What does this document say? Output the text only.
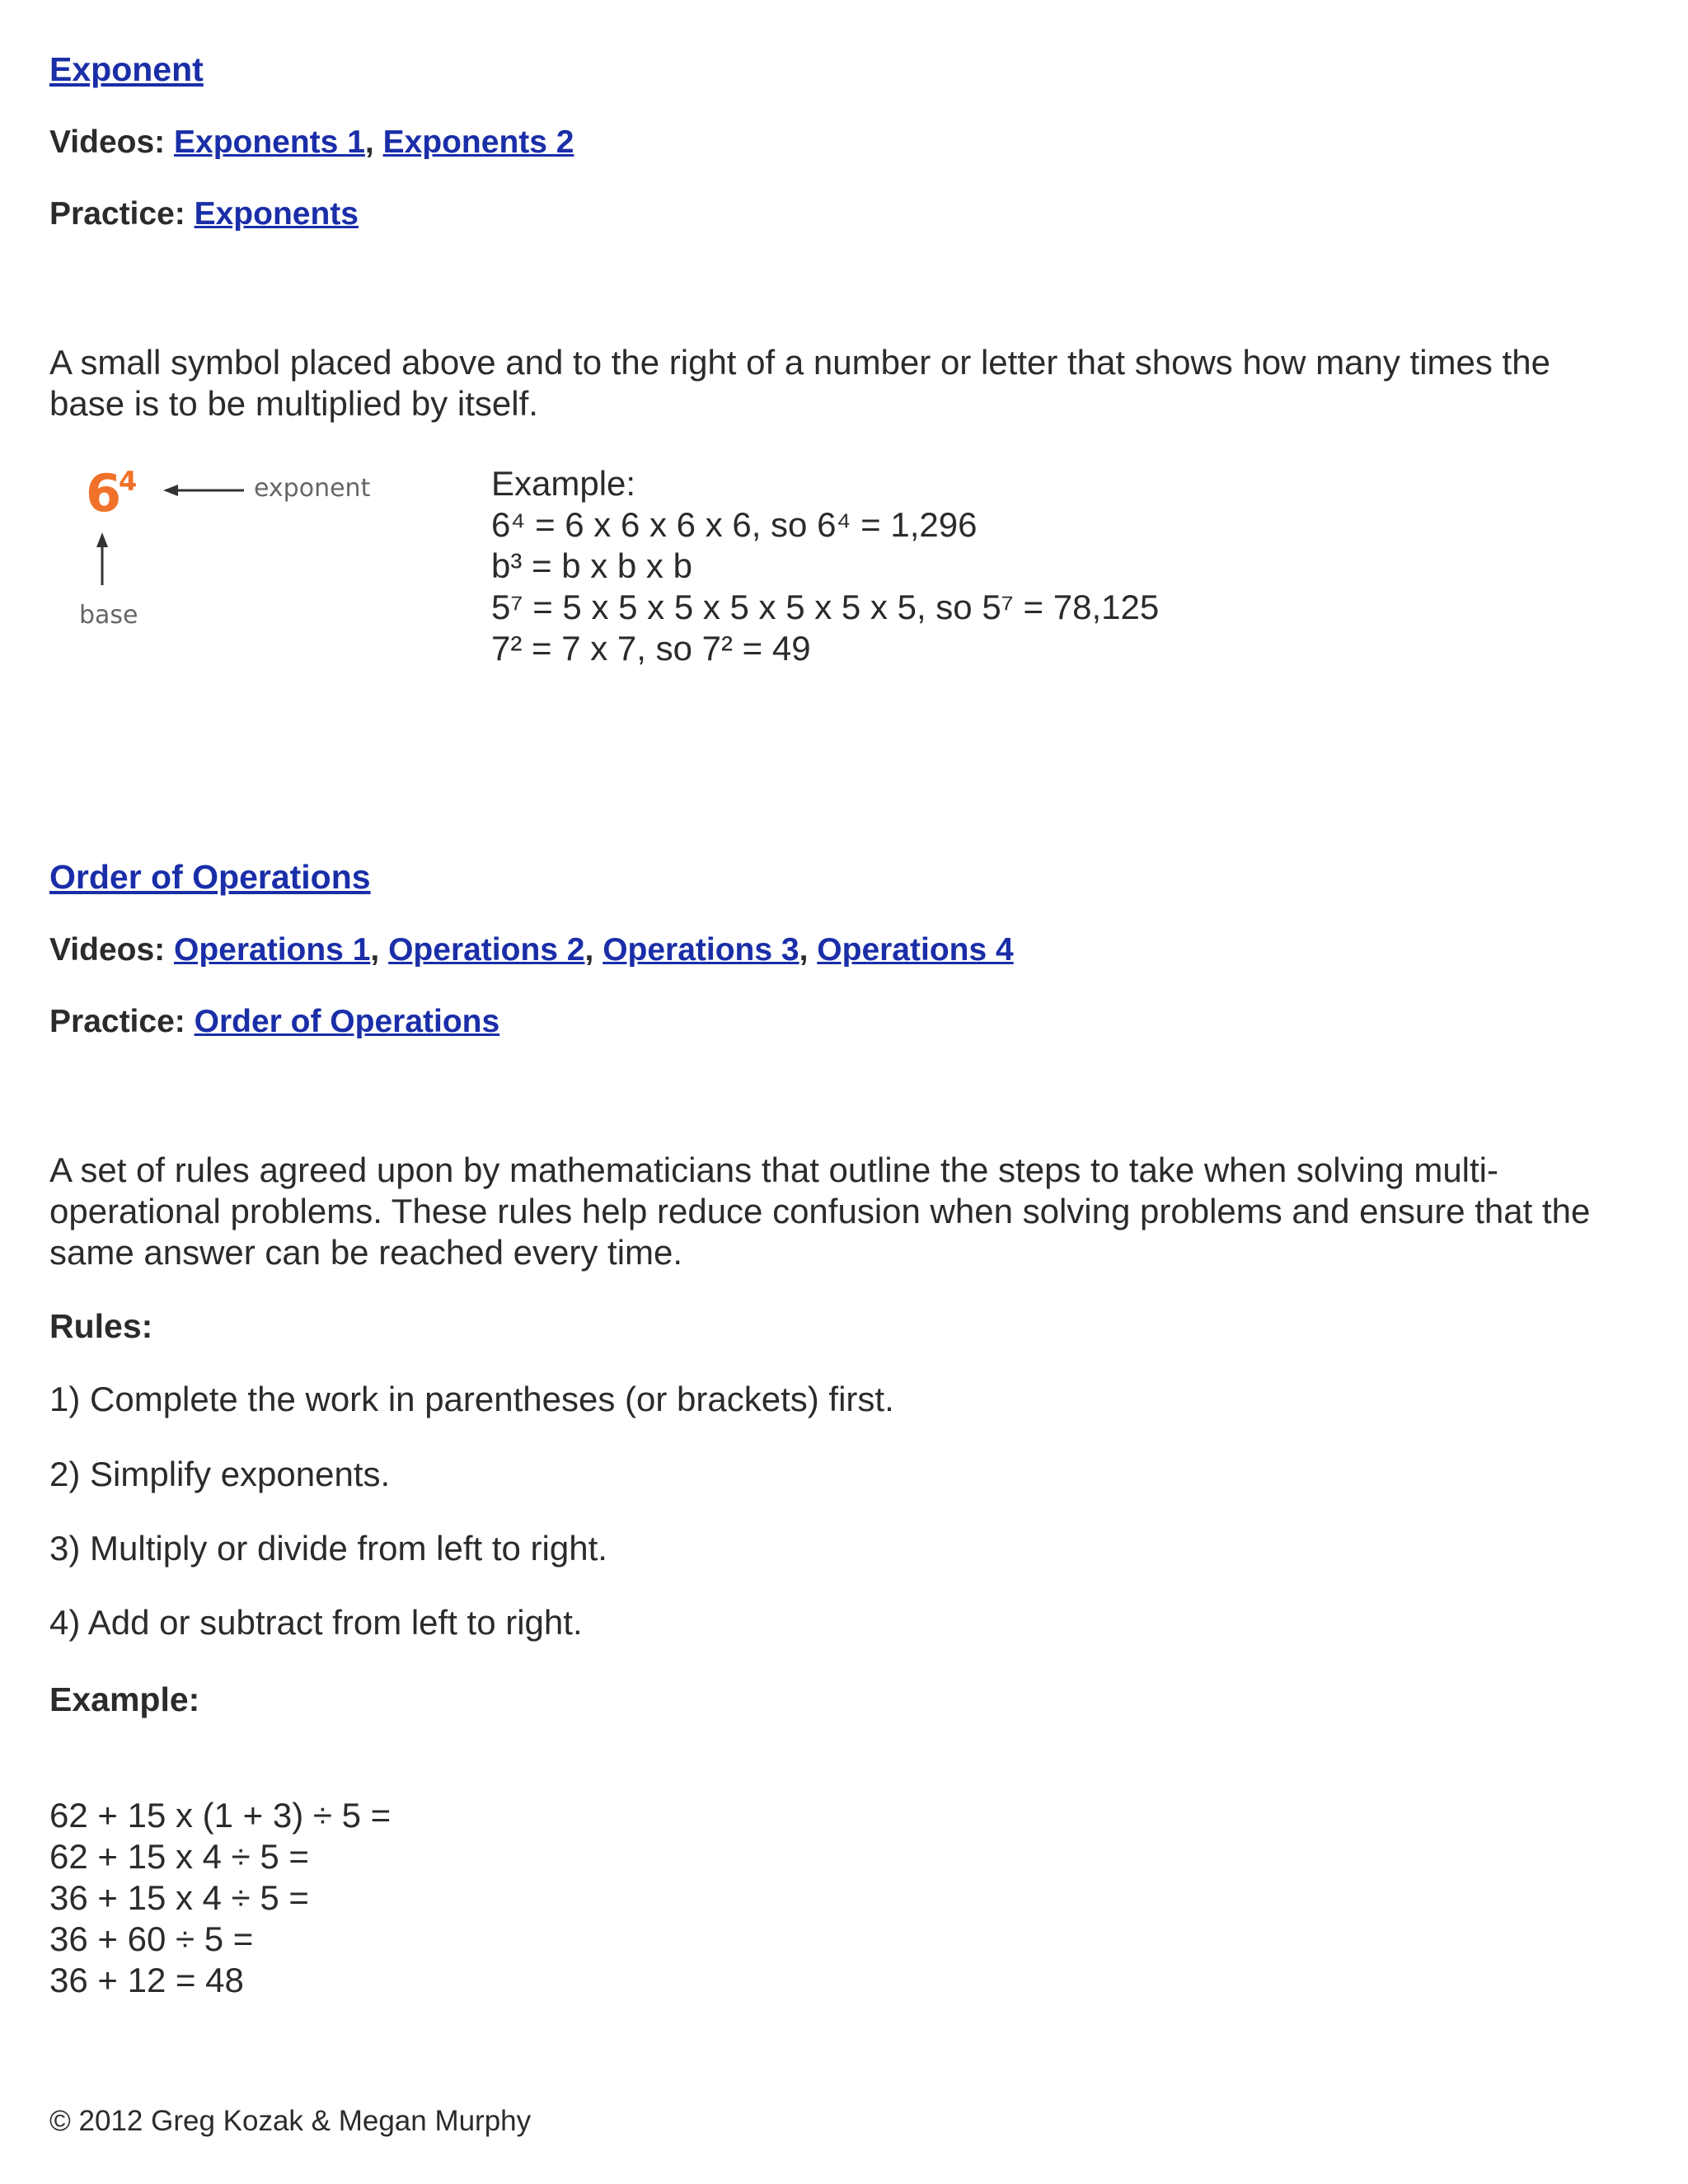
Exponent
Videos: Exponents 1, Exponents 2
Practice: Exponents
A small symbol placed above and to the right of a number or letter that shows how many times the base is to be multiplied by itself.
Example:
6⁴ = 6 x 6 x 6 x 6, so 6⁴ = 1,296
b³ = b x b x b
5⁷ = 5 x 5 x 5 x 5 x 5 x 5 x 5, so 5⁷ = 78,125
7² = 7 x 7, so 7² = 49
Order of Operations
Videos: Operations 1, Operations 2, Operations 3, Operations 4
Practice: Order of Operations
A set of rules agreed upon by mathematicians that outline the steps to take when solving multi-operational problems. These rules help reduce confusion when solving problems and ensure that the same answer can be reached every time.
Rules:
1) Complete the work in parentheses (or brackets) first.
2) Simplify exponents.
3) Multiply or divide from left to right.
4) Add or subtract from left to right.
Example:
62 + 15 x (1 + 3) ÷ 5 =
62 + 15 x 4 ÷ 5 =
36 + 15 x 4 ÷ 5 =
36 + 60 ÷ 5 =
36 + 12 = 48
© 2012 Greg Kozak & Megan Murphy
6
4	exponent
base
